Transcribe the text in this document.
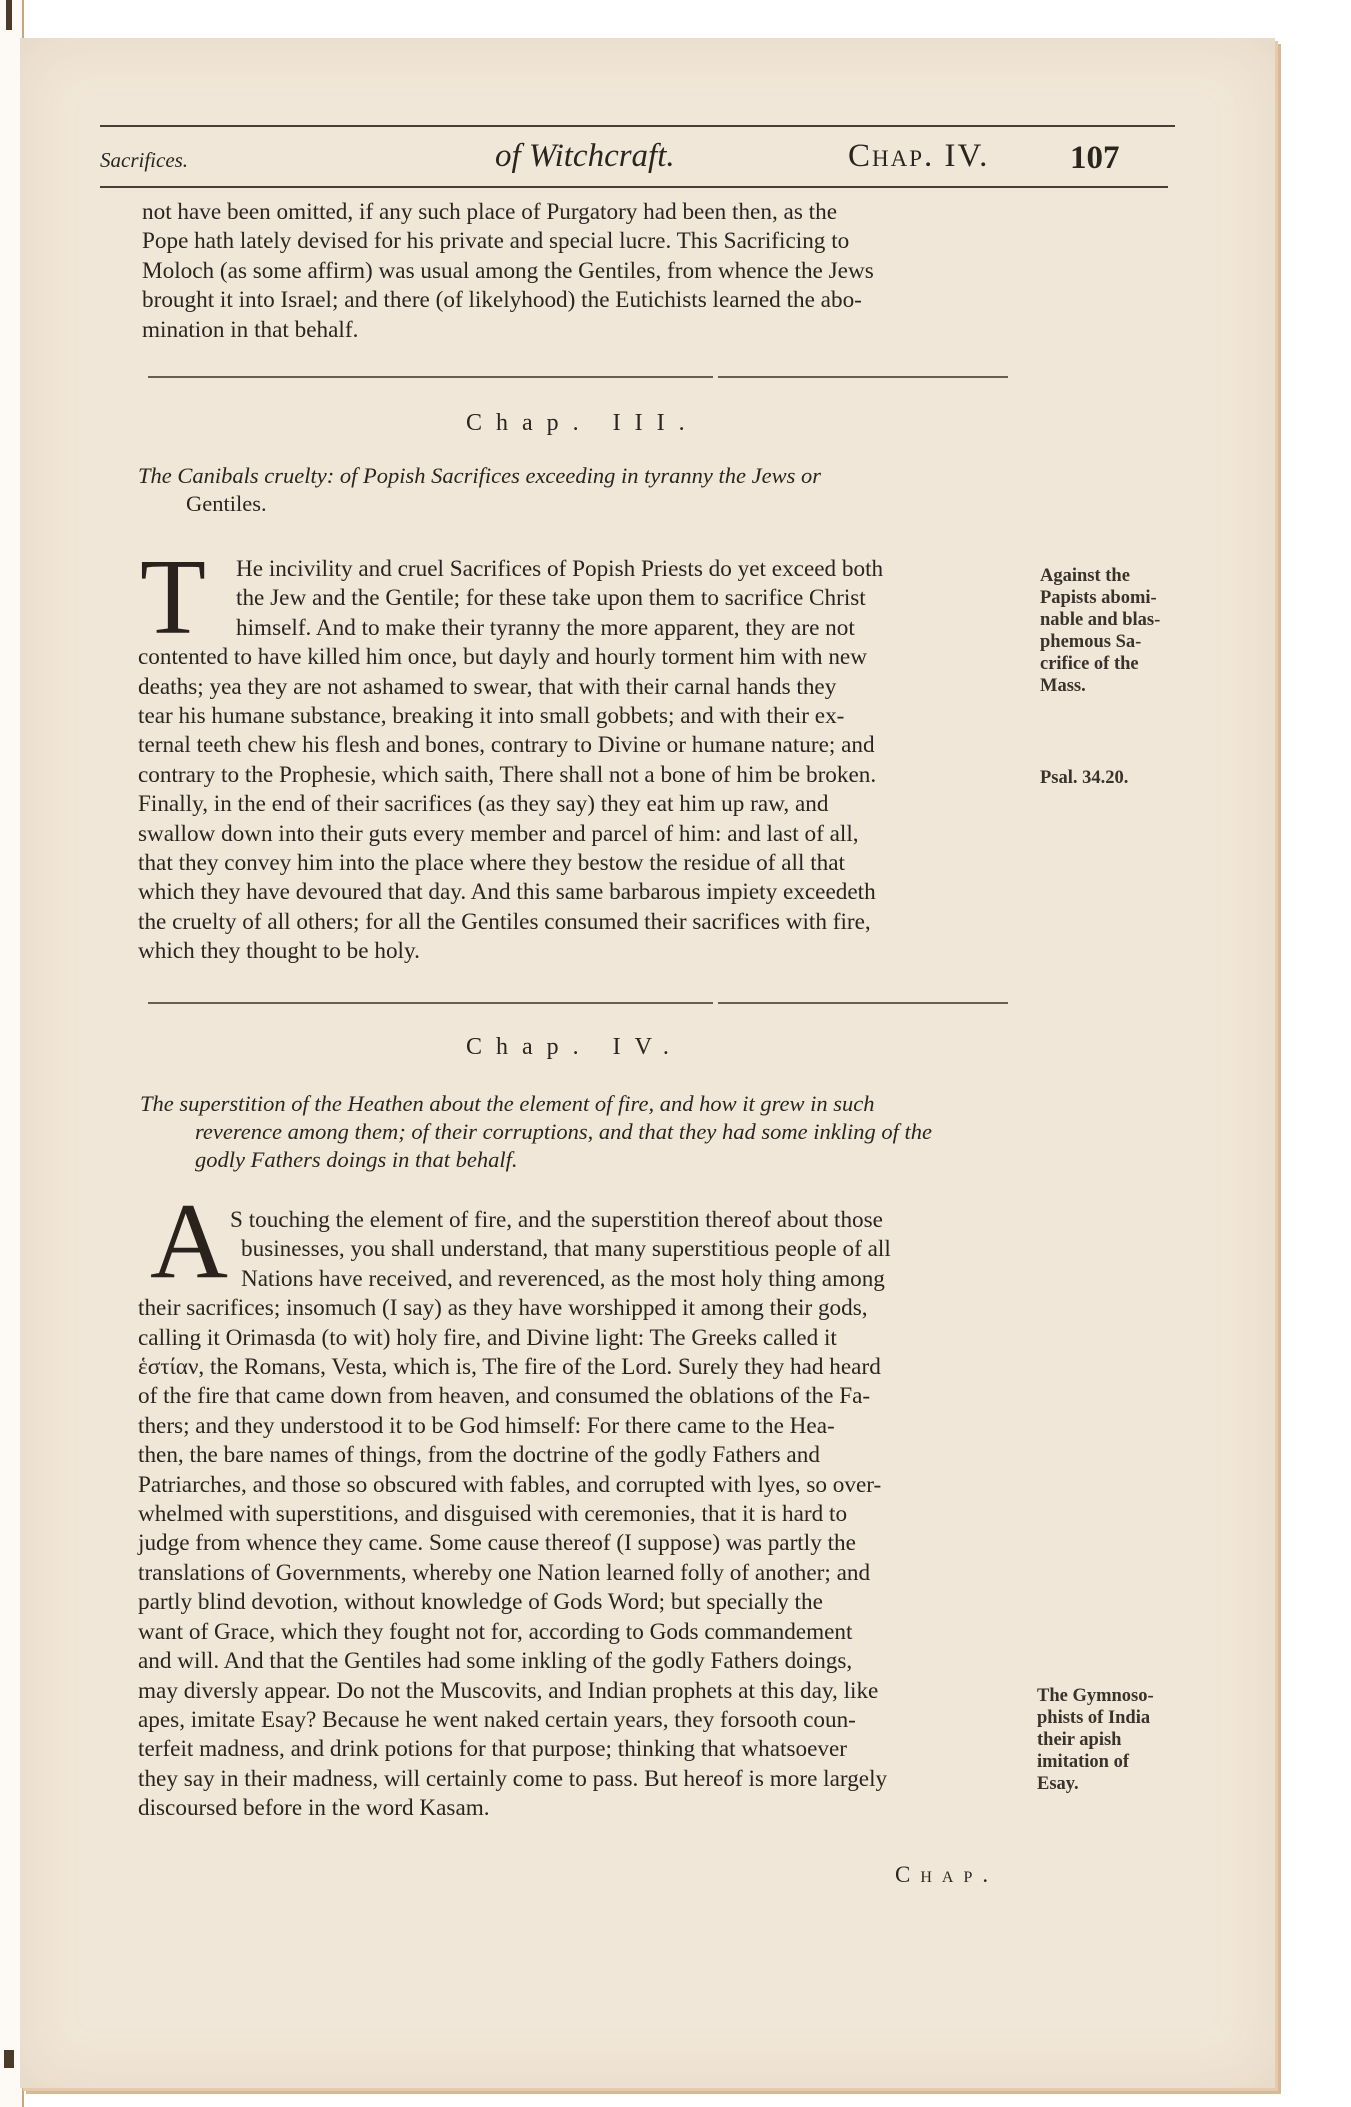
Sacrifices.	of Witchcraft.	Chap. IV. 107
not have been omitted, if any such place of Purgatory had been then, as the
Pope hath lately devised for his private and special lucre. This Sacrificing to
Moloch (as some affirm) was usual among the Gentiles, from whence the Jews
brought it into Israel; and there (of likelyhood) the Eutichists learned the abo-
mination in that behalf.
Chap. III.
The Canibals cruelty: of Popish Sacrifices exceeding in tyranny the Jews or
Gentiles.
T	He incivility and cruel Sacrifices of Popish Priests do yet exceed both
the Jew and the Gentile; for these take upon them to sacrifice Christ
himself. And to make their tyranny the more apparent, they are not
contented to have killed him once, but dayly and hourly torment him with new
deaths; yea they are not ashamed to swear, that with their carnal hands they
tear his humane substance, breaking it into small gobbets; and with their ex-
ternal teeth chew his flesh and bones, contrary to Divine or humane nature; and
contrary to the Prophesie, which saith, There shall not a bone of him be broken.
Finally, in the end of their sacrifices (as they say) they eat him up raw, and
swallow down into their guts every member and parcel of him: and last of all,
that they convey him into the place where they bestow the residue of all that
which they have devoured that day. And this same barbarous impiety exceedeth
the cruelty of all others; for all the Gentiles consumed their sacrifices with fire,
which they thought to be holy.
Against the
Papists abomi-
nable and blas-
phemous Sa-
crifice of the
Mass.
Psal. 34.20.
Chap. IV.
The superstition of the Heathen about the element of fire, and how it grew in such
reverence among them; of their corruptions, and that they had some inkling of the
godly Fathers doings in that behalf.
A S touching the element of fire, and the superstition thereof about those
businesses, you shall understand, that many superstitious people of all
Nations have received, and reverenced, as the most holy thing among
their sacrifices; insomuch (I say) as they have worshipped it among their gods,
calling it Orimasda (to wit) holy fire, and Divine light: The Greeks called it
ἑστίαν, the Romans, Vesta, which is, The fire of the Lord. Surely they had heard
of the fire that came down from heaven, and consumed the oblations of the Fa-
thers; and they understood it to be God himself: For there came to the Hea-
then, the bare names of things, from the doctrine of the godly Fathers and
Patriarches, and those so obscured with fables, and corrupted with lyes, so over-
whelmed with superstitions, and disguised with ceremonies, that it is hard to
judge from whence they came. Some cause thereof (I suppose) was partly the
translations of Governments, whereby one Nation learned folly of another; and
partly blind devotion, without knowledge of Gods Word; but specially the
want of Grace, which they fought not for, according to Gods commandement
and will. And that the Gentiles had some inkling of the godly Fathers doings,
may diversly appear. Do not the Muscovits, and Indian prophets at this day, like
apes, imitate Esay? Because he went naked certain years, they forsooth coun-
terfeit madness, and drink potions for that purpose; thinking that whatsoever
they say in their madness, will certainly come to pass. But hereof is more largely
discoursed before in the word Kasam.
The Gymnoso-
phists of India
their apish
imitation of
Esay.
Chap.
